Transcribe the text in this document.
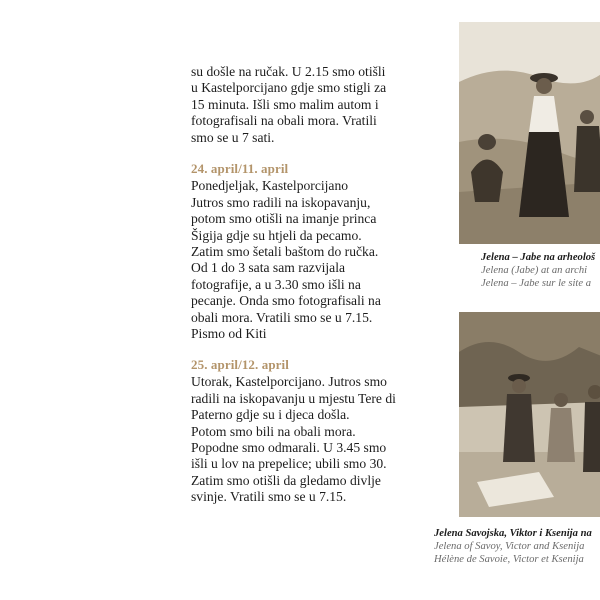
su došle na ručak. U 2.15 smo otišli
u Kastelporcijano gdje smo stigli za
15 minuta. Išli smo malim autom i
fotografisali na obali mora. Vratili
smo se u 7 sati.
24. april/11. april
Ponedjeljak, Kastelporcijano
Jutros smo radili na iskopavanju,
potom smo otišli na imanje princa
Šigija gdje su htjeli da pecamo.
Zatim smo šetali baštom do ručka.
Od 1 do 3 sata sam razvijala
fotografije, a u 3.30 smo išli na
pecanje. Onda smo fotografisali na
obali mora. Vratili smo se u 7.15.
Pismo od Kiti
25. april/12. april
Utorak, Kastelporcijano. Jutros smo
radili na iskopavanju u mjestu Tere di
Paterno gdje su i djeca došla.
Potom smo bili na obali mora.
Popodne smo odmarali. U 3.45 smo
išli u lov na prepelice; ubili smo 30.
Zatim smo otišli da gledamo divlje
svinje. Vratili smo se u 7.15.
Jelena – Jabe na arheološ
Jelena (Jabe) at an archi
Jelena – Jabe sur le site a
Jelena Savojska, Viktor i Ksenija na
Jelena of Savoy, Victor and Ksenija
Hélène de Savoie, Victor et Ksenija
